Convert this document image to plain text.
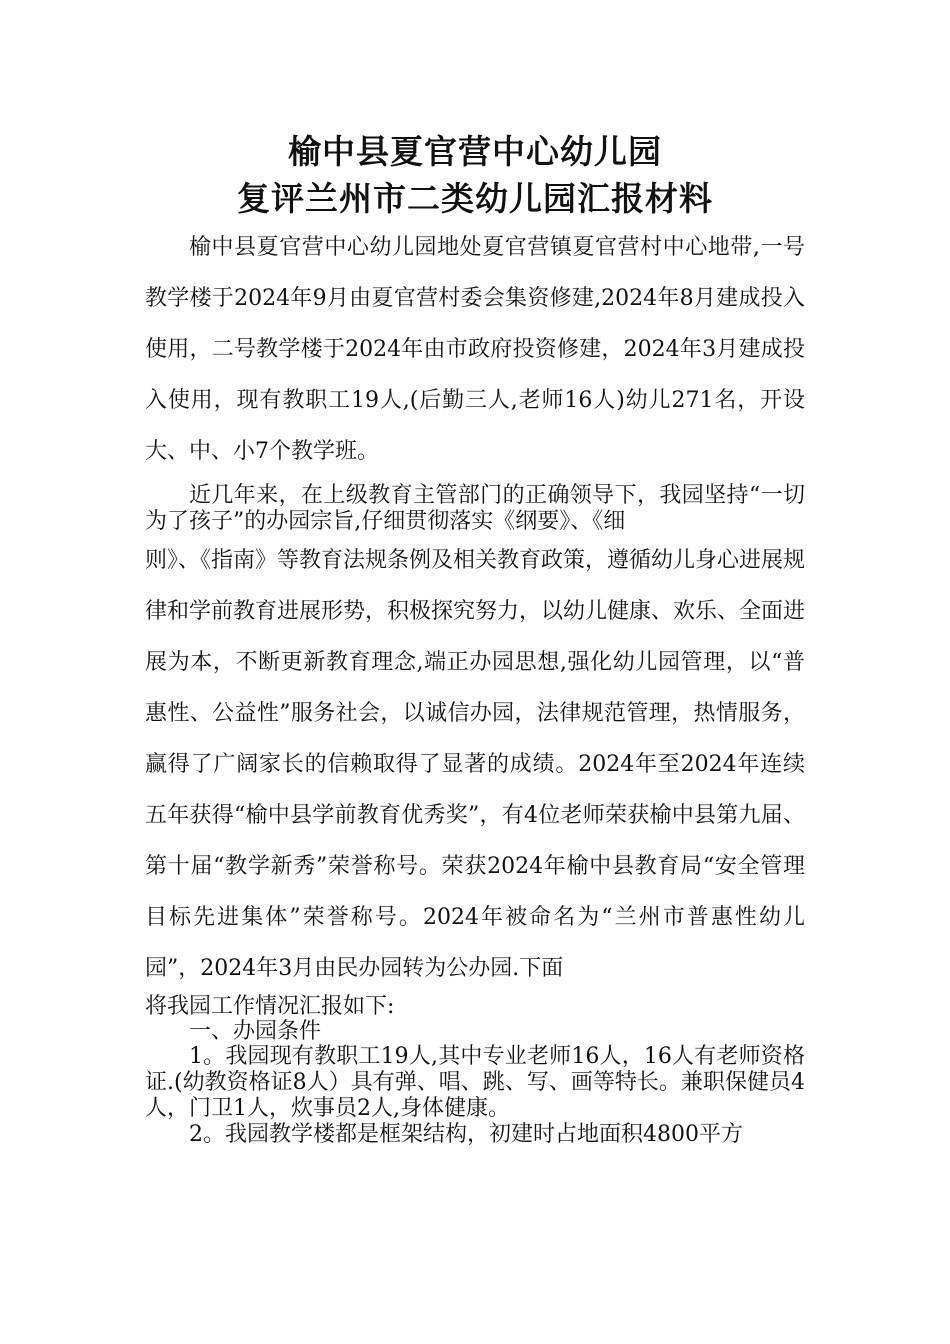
榆中县夏官营中心幼儿园
复评兰州市二类幼儿园汇报材料

榆中县夏官营中心幼儿园地处夏官营镇夏官营村中心地带,一号教学楼于2024年9月由夏官营村委会集资修建,2024年8月建成投入使用，二号教学楼于2024年由市政府投资修建，2024年3月建成投入使用，现有教职工19人,(后勤三人,老师16人)幼儿271名，开设大、中、小7个教学班。

近几年来，在上级教育主管部门的正确领导下，我园坚持“一切为了孩子”的办园宗旨,仔细贯彻落实《纲要》、《细

则》、《指南》等教育法规条例及相关教育政策，遵循幼儿身心进展规律和学前教育进展形势，积极探究努力，以幼儿健康、欢乐、全面进展为本，不断更新教育理念,端正办园思想,强化幼儿园管理，以“普惠性、公益性”服务社会，以诚信办园，法律规范管理，热情服务，赢得了广阔家长的信赖取得了显著的成绩。2024年至2024年连续五年获得“榆中县学前教育优秀奖”，有4位老师荣获榆中县第九届、第十届“教学新秀”荣誉称号。荣获2024年榆中县教育局“安全管理目标先进集体”荣誉称号。2024年被命名为“兰州市普惠性幼儿园”，2024年3月由民办园转为公办园.下面

将我园工作情况汇报如下:

一、办园条件

1。我园现有教职工19人,其中专业老师16人，16人有老师资格证.(幼教资格证8人）具有弹、唱、跳、写、画等特长。兼职保健员4人，门卫1人，炊事员2人,身体健康。

2。我园教学楼都是框架结构，初建时占地面积4800平方
